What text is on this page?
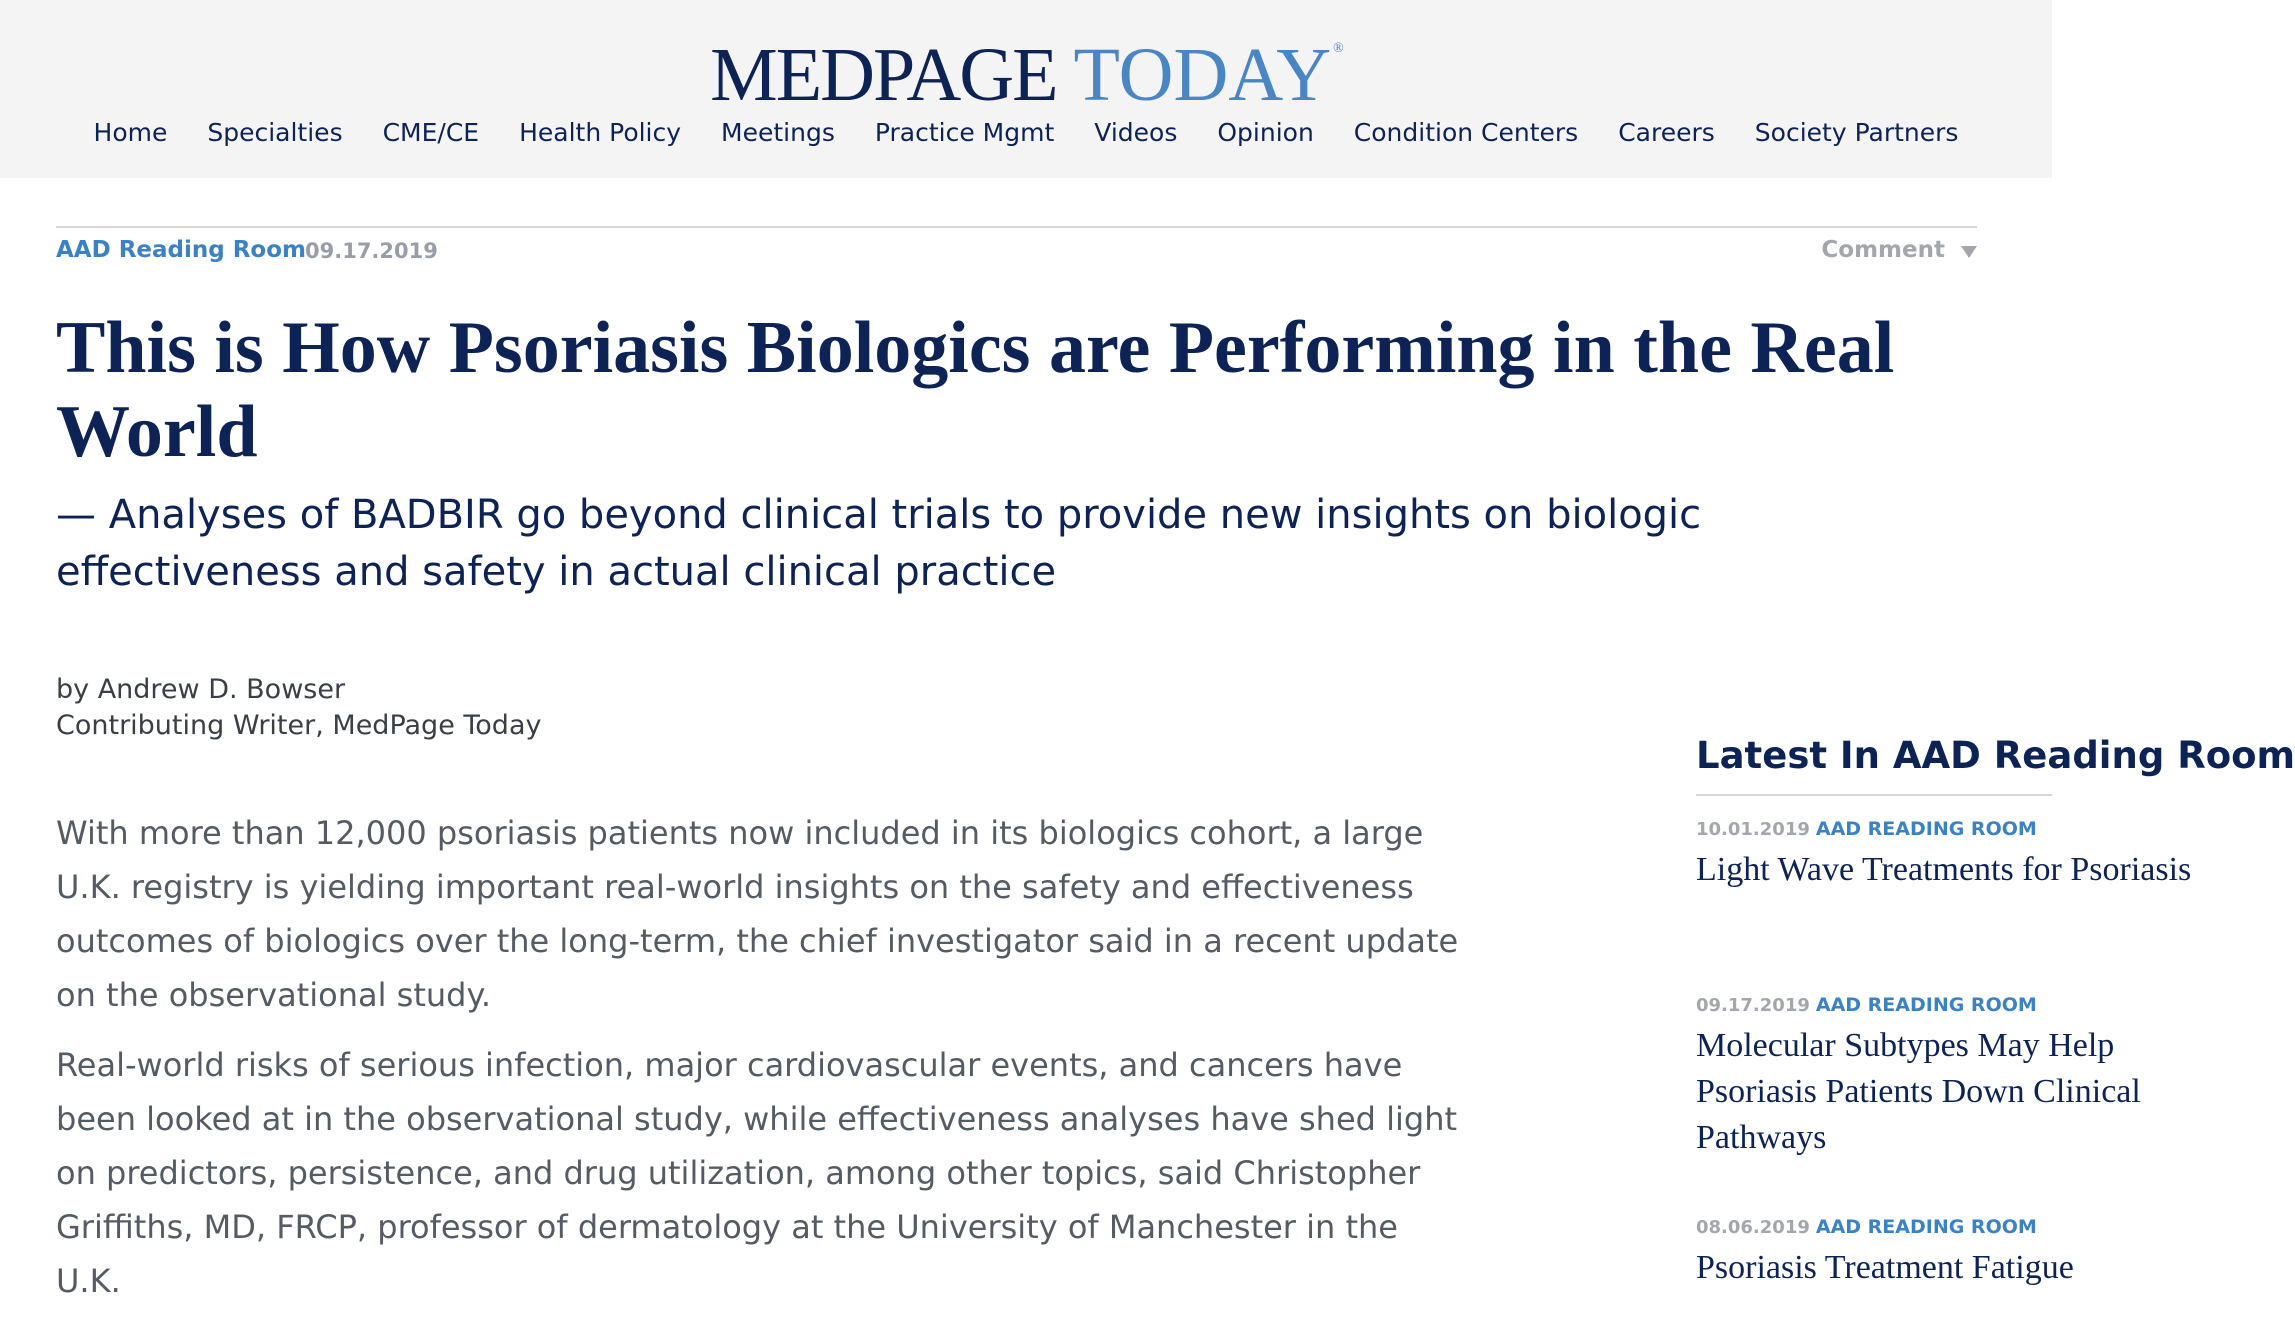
MEDPAGE TODAY ®
Home	Specialties	CME/CE	Health Policy	Meetings	Practice Mgmt	Videos	Opinion	Condition Centers	Careers	Society Partners
AAD Reading Room
09.17.2019	Comment
This is How Psoriasis Biologics are Performing in the Real World
— Analyses of BADBIR go beyond clinical trials to provide new insights on biologic effectiveness and safety in actual clinical practice
by Andrew D. Bowser
Contributing Writer, MedPage Today

With more than 12,000 psoriasis patients now included in its biologics cohort, a large U.K. registry is yielding important real-world insights on the safety and effectiveness outcomes of biologics over the long-term, the chief investigator said in a recent update on the observational study.

Real-world risks of serious infection, major cardiovascular events, and cancers have been looked at in the observational study, while effectiveness analyses have shed light on predictors, persistence, and drug utilization, among other topics, said Christopher Griffiths, MD, FRCP, professor of dermatology at the University of Manchester in the U.K.

Latest In AAD Reading Room
10.01.2019 AAD READING ROOM
Light Wave Treatments for Psoriasis
09.17.2019 AAD READING ROOM
Molecular Subtypes May Help Psoriasis Patients Down Clinical Pathways
08.06.2019 AAD READING ROOM
Psoriasis Treatment Fatigue
